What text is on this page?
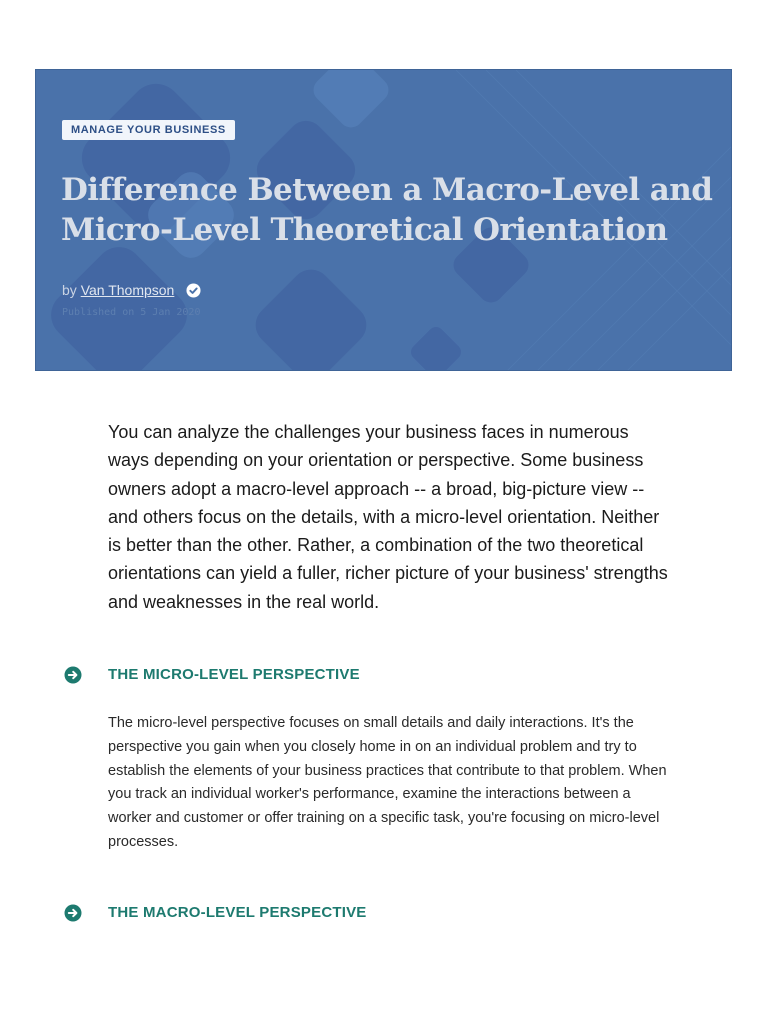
MANAGE YOUR BUSINESS
Difference Between a Macro-Level and Micro-Level Theoretical Orientation
by Van Thompson
Published on 5 Jan 2020

You can analyze the challenges your business faces in numerous ways depending on your orientation or perspective. Some business owners adopt a macro-level approach -- a broad, big-picture view -- and others focus on the details, with a micro-level orientation. Neither is better than the other. Rather, a combination of the two theoretical orientations can yield a fuller, richer picture of your business' strengths and weaknesses in the real world.

THE MICRO-LEVEL PERSPECTIVE

The micro-level perspective focuses on small details and daily interactions. It's the perspective you gain when you closely home in on an individual problem and try to establish the elements of your business practices that contribute to that problem. When you track an individual worker's performance, examine the interactions between a worker and customer or offer training on a specific task, you're focusing on micro-level processes.

THE MACRO-LEVEL PERSPECTIVE
